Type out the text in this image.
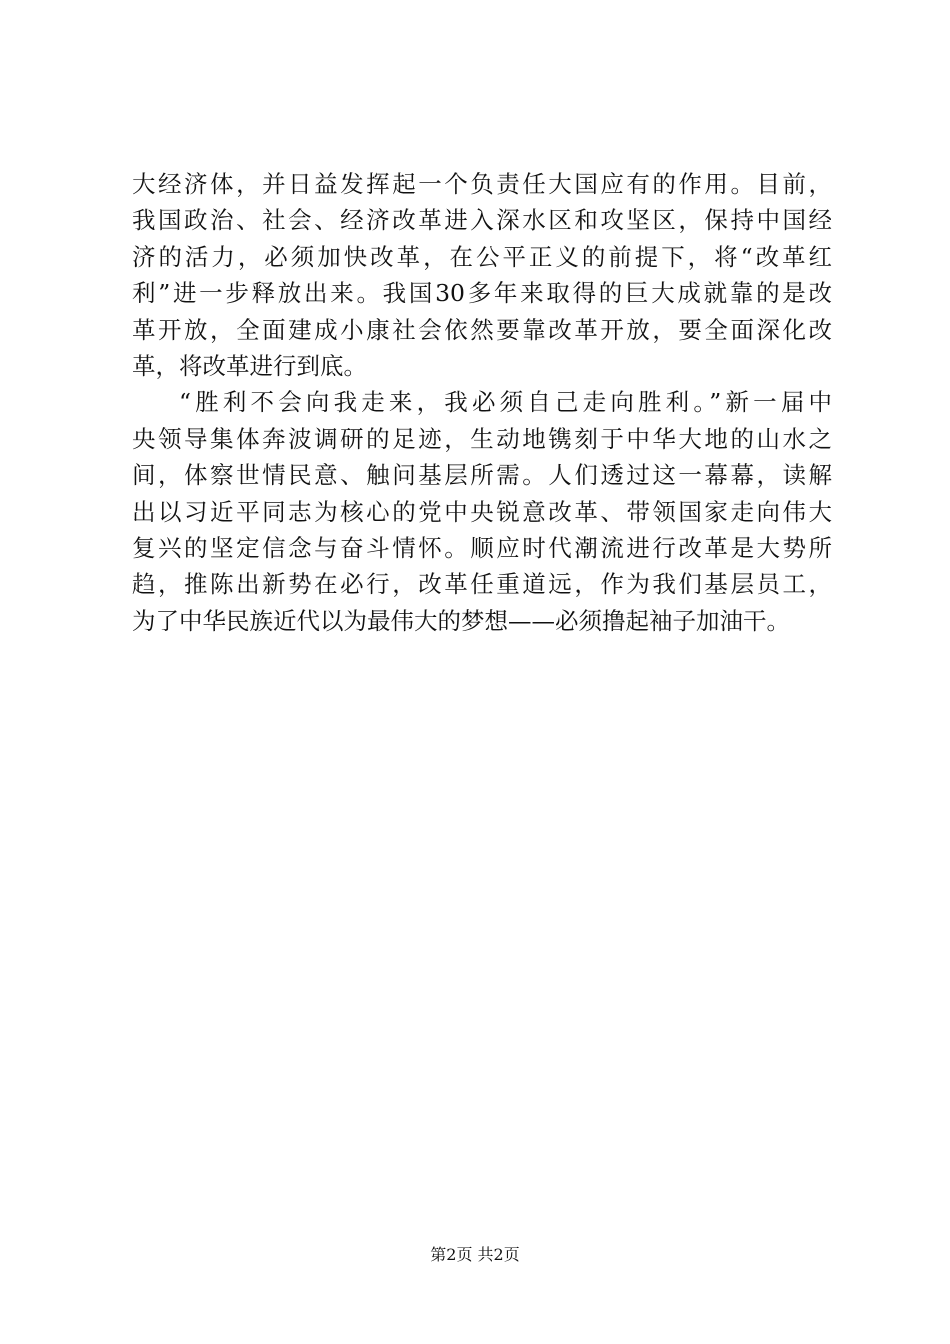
大经济体，并日益发挥起一个负责任大国应有的作用。目前，
我国政治、社会、经济改革进入深水区和攻坚区，保持中国经
济的活力，必须加快改革，在公平正义的前提下，将“改革红
利”进一步释放出来。我国30多年来取得的巨大成就靠的是改
革开放，全面建成小康社会依然要靠改革开放，要全面深化改
革，将改革进行到底。
“胜利不会向我走来，我必须自己走向胜利。”新一届中
央领导集体奔波调研的足迹，生动地镌刻于中华大地的山水之
间，体察世情民意、触问基层所需。人们透过这一幕幕，读解
出以习近平同志为核心的党中央锐意改革、带领国家走向伟大
复兴的坚定信念与奋斗情怀。顺应时代潮流进行改革是大势所
趋，推陈出新势在必行，改革任重道远，作为我们基层员工，
为了中华民族近代以为最伟大的梦想——必须撸起袖子加油干。
第2页 共2页
